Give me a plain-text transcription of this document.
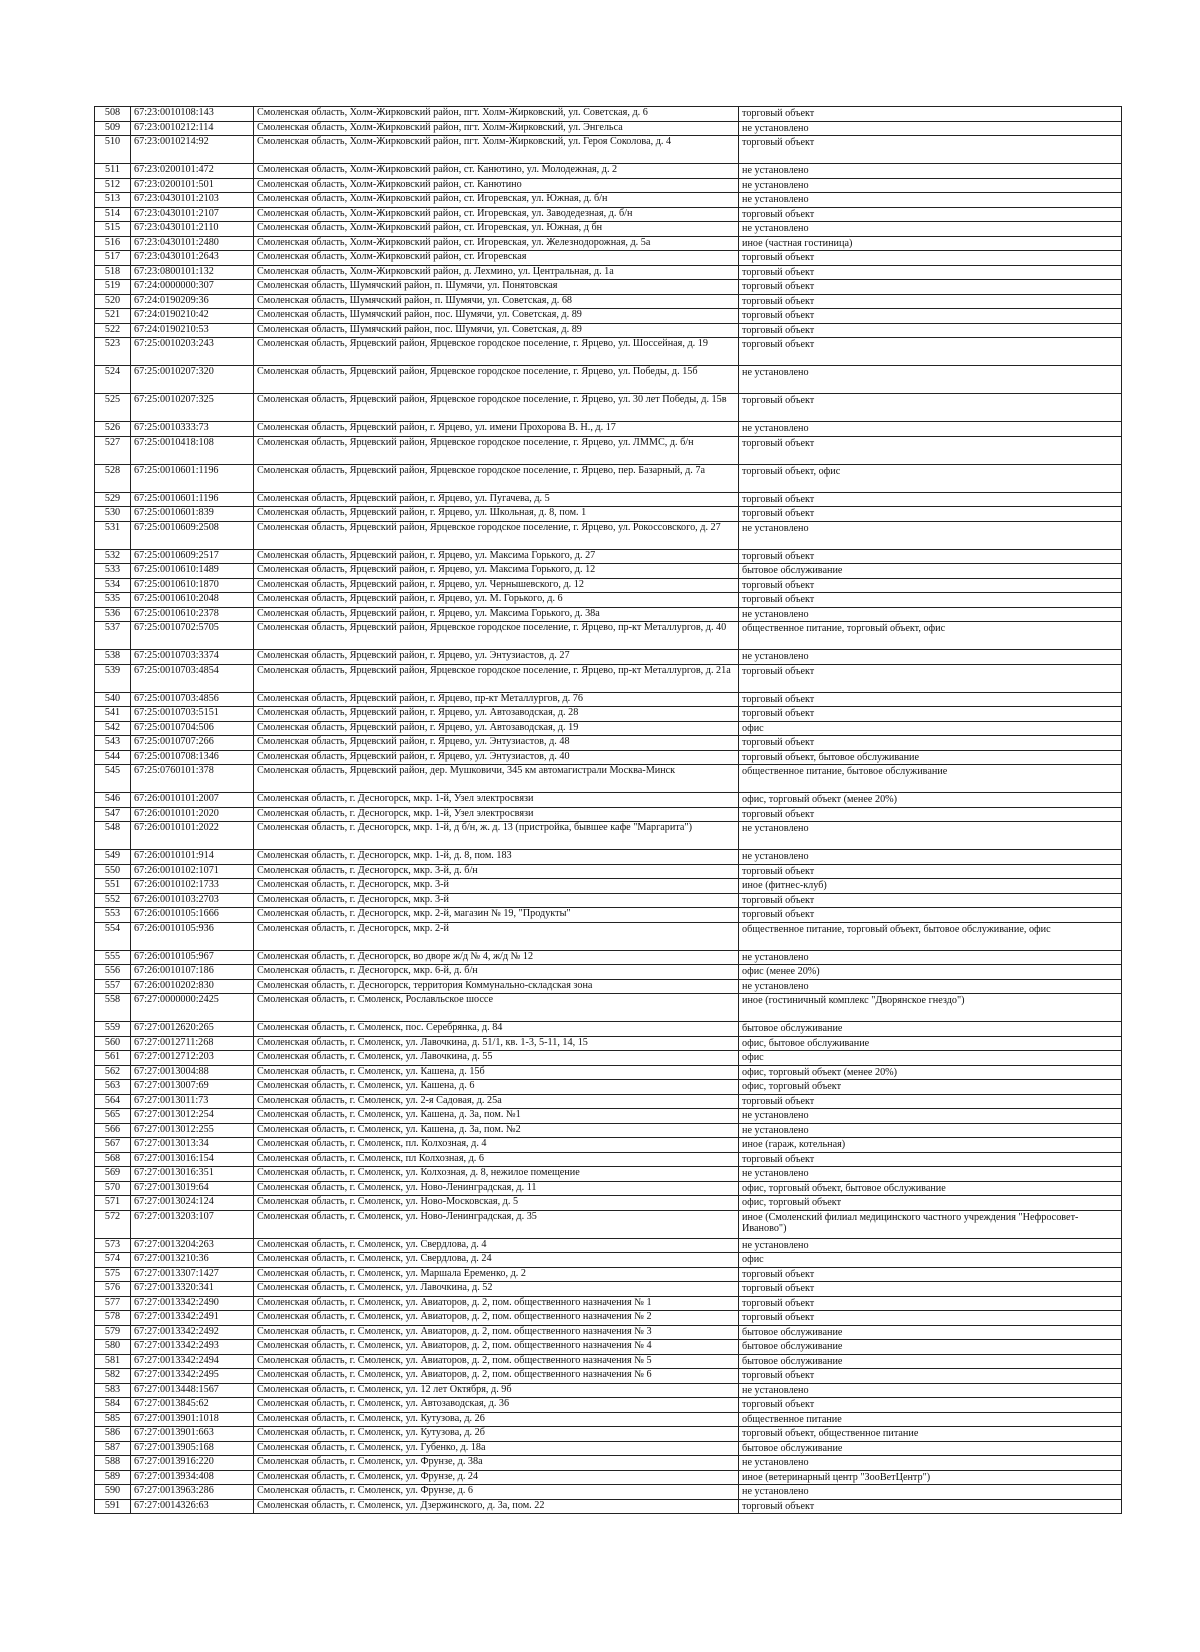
508	67:23:0010108:143	Смоленская область, Холм-Жирковский район, пгт. Холм-Жирковский, ул. Советская, д. 6	торговый объект

509	67:23:0010212:114	Смоленская область, Холм-Жирковский район, пгт. Холм-Жирковский, ул. Энгельса	не установлено

510	67:23:0010214:92	Смоленская область, Холм-Жирковский район, пгт. Холм-Жирковский, ул. Героя Соколова, д. 4	торговый объект

511	67:23:0200101:472	Смоленская область, Холм-Жирковский район, ст. Канютино, ул. Молодежная, д. 2	не установлено

512	67:23:0200101:501	Смоленская область, Холм-Жирковский район, ст. Канютино	не установлено

513	67:23:0430101:2103	Смоленская область, Холм-Жирковский район, ст. Игоревская, ул. Южная, д. б/н	не установлено

514	67:23:0430101:2107	Смоленская область, Холм-Жирковский район, ст. Игоревская, ул. Заводедезная, д. б/н	торговый объект

515	67:23:0430101:2110	Смоленская область, Холм-Жирковский район, ст. Игоревская, ул. Южная, д бн	не установлено

516	67:23:0430101:2480	Смоленская область, Холм-Жирковский район, ст. Игоревская, ул. Железнодорожная, д. 5а	иное (частная гостиница)

517	67:23:0430101:2643	Смоленская область, Холм-Жирковский район, ст. Игоревская	торговый объект

518	67:23:0800101:132	Смоленская область, Холм-Жирковский район, д. Лехмино, ул. Центральная, д. 1а	торговый объект

519	67:24:0000000:307	Смоленская область, Шумячский район, п. Шумячи, ул. Понятовская	торговый объект

520	67:24:0190209:36	Смоленская область, Шумячский район, п. Шумячи, ул. Советская, д. 68	торговый объект

521	67:24:0190210:42	Смоленская область, Шумячский район, пос. Шумячи, ул. Советская, д. 89	торговый объект

522	67:24:0190210:53	Смоленская область, Шумячский район, пос. Шумячи, ул. Советская, д. 89	торговый объект

523	67:25:0010203:243	Смоленская область, Ярцевский район, Ярцевское городское поселение, г. Ярцево, ул. Шоссейная, д. 19	торговый объект

524	67:25:0010207:320	Смоленская область, Ярцевский район, Ярцевское городское поселение, г. Ярцево, ул. Победы, д. 15б	не установлено

525	67:25:0010207:325	Смоленская область, Ярцевский район, Ярцевское городское поселение, г. Ярцево, ул. 30 лет Победы, д. 15в	торговый объект

526	67:25:0010333:73	Смоленская область, Ярцевский район, г. Ярцево, ул. имени Прохорова В. Н., д. 17	не установлено

527	67:25:0010418:108	Смоленская область, Ярцевский район, Ярцевское городское поселение, г. Ярцево, ул. ЛММС, д. б/н	торговый объект

528	67:25:0010601:1196	Смоленская область, Ярцевский район, Ярцевское городское поселение, г. Ярцево, пер. Базарный, д. 7а	торговый объект, офис

529	67:25:0010601:1196	Смоленская область, Ярцевский район, г. Ярцево, ул. Пугачева, д. 5	торговый объект

530	67:25:0010601:839	Смоленская область, Ярцевский район, г. Ярцево, ул. Школьная, д. 8, пом. 1	торговый объект

531	67:25:0010609:2508	Смоленская область, Ярцевский район, Ярцевское городское поселение, г. Ярцево, ул. Рокоссовского, д. 27	не установлено

532	67:25:0010609:2517	Смоленская область, Ярцевский район, г. Ярцево, ул. Максима Горького, д. 27	торговый объект

533	67:25:0010610:1489	Смоленская область, Ярцевский район, г. Ярцево, ул. Максима Горького, д. 12	бытовое обслуживание

534	67:25:0010610:1870	Смоленская область, Ярцевский район, г. Ярцево, ул. Чернышевского, д. 12	торговый объект

535	67:25:0010610:2048	Смоленская область, Ярцевский район, г. Ярцево, ул. М. Горького, д. 6	торговый объект

536	67:25:0010610:2378	Смоленская область, Ярцевский район, г. Ярцево, ул. Максима Горького, д. 38а	не установлено

537	67:25:0010702:5705	Смоленская область, Ярцевский район, Ярцевское городское поселение, г. Ярцево, пр-кт Металлургов, д. 40	общественное питание, торговый объект, офис

538	67:25:0010703:3374	Смоленская область, Ярцевский район, г. Ярцево, ул. Энтузиастов, д. 27	не установлено

539	67:25:0010703:4854	Смоленская область, Ярцевский район, Ярцевское городское поселение, г. Ярцево, пр-кт Металлургов, д. 21а	торговый объект

540	67:25:0010703:4856	Смоленская область, Ярцевский район, г. Ярцево, пр-кт Металлургов, д. 76	торговый объект

541	67:25:0010703:5151	Смоленская область, Ярцевский район, г. Ярцево, ул. Автозаводская, д. 28	торговый объект

542	67:25:0010704:506	Смоленская область, Ярцевский район, г. Ярцево, ул. Автозаводская, д. 19	офис

543	67:25:0010707:266	Смоленская область, Ярцевский район, г. Ярцево, ул. Энтузиастов, д. 48	торговый объект

544	67:25:0010708:1346	Смоленская область, Ярцевский район, г. Ярцево, ул. Энтузиастов, д. 40	торговый объект, бытовое обслуживание

545	67:25:0760101:378	Смоленская область, Ярцевский район, дер. Мушковичи, 345 км автомагистрали Москва-Минск	общественное питание, бытовое обслуживание

546	67:26:0010101:2007	Смоленская область, г. Десногорск, мкр. 1-й, Узел электросвязи	офис, торговый объект (менее 20%)

547	67:26:0010101:2020	Смоленская область, г. Десногорск, мкр. 1-й, Узел электросвязи	торговый объект

548	67:26:0010101:2022	Смоленская область, г. Десногорск, мкр. 1-й, д б/н, ж. д. 13 (пристройка, бывшее кафе "Маргарита")	не установлено

549	67:26:0010101:914	Смоленская область, г. Десногорск, мкр. 1-й, д. 8, пом. 183	не установлено

550	67:26:0010102:1071	Смоленская область, г. Десногорск, мкр. 3-й, д. б/н	торговый объект

551	67:26:0010102:1733	Смоленская область, г. Десногорск, мкр. 3-й	иное (фитнес-клуб)

552	67:26:0010103:2703	Смоленская область, г. Десногорск, мкр. 3-й	торговый объект

553	67:26:0010105:1666	Смоленская область, г. Десногорск, мкр. 2-й, магазин № 19, "Продукты"	торговый объект

554	67:26:0010105:936	Смоленская область, г. Десногорск, мкр. 2-й	общественное питание, торговый объект, бытовое обслуживание, офис

555	67:26:0010105:967	Смоленская область, г. Десногорск, во дворе ж/д № 4, ж/д № 12	не установлено

556	67:26:0010107:186	Смоленская область, г. Десногорск, мкр. 6-й, д. б/н	офис (менее 20%)

557	67:26:0010202:830	Смоленская область, г. Десногорск, территория Коммунально-складская зона	не установлено

558	67:27:0000000:2425	Смоленская область, г. Смоленск, Рославльское шоссе	иное (гостиничный комплекс "Дворянское гнездо")

559	67:27:0012620:265	Смоленская область, г. Смоленск, пос. Серебрянка, д. 84	бытовое обслуживание

560	67:27:0012711:268	Смоленская область, г. Смоленск, ул. Лавочкина, д. 51/1, кв. 1-3, 5-11, 14, 15	офис, бытовое обслуживание

561	67:27:0012712:203	Смоленская область, г. Смоленск, ул. Лавочкина, д. 55	офис

562	67:27:0013004:88	Смоленская область, г. Смоленск, ул. Кашена, д. 15б	офис, торговый объект (менее 20%)

563	67:27:0013007:69	Смоленская область, г. Смоленск, ул. Кашена, д. 6	офис, торговый объект

564	67:27:0013011:73	Смоленская область, г. Смоленск, ул. 2-я Садовая, д. 25а	торговый объект

565	67:27:0013012:254	Смоленская область, г. Смоленск, ул. Кашена, д. 3а, пом. №1	не установлено

566	67:27:0013012:255	Смоленская область, г. Смоленск, ул. Кашена, д. 3а, пом. №2	не установлено

567	67:27:0013013:34	Смоленская область, г. Смоленск, пл. Колхозная, д. 4	иное (гараж, котельная)

568	67:27:0013016:154	Смоленская область, г. Смоленск, пл Колхозная, д. 6	торговый объект

569	67:27:0013016:351	Смоленская область, г. Смоленск, ул. Колхозная, д. 8, нежилое помещение	не установлено

570	67:27:0013019:64	Смоленская область, г. Смоленск, ул. Ново-Ленинградская, д. 11	офис, торговый объект, бытовое обслуживание

571	67:27:0013024:124	Смоленская область, г. Смоленск, ул. Ново-Московская, д. 5	офис, торговый объект

572	67:27:0013203:107	Смоленская область, г. Смоленск, ул. Ново-Ленинградская, д. 35	иное (Смоленский филиал медицинского частного учреждения "Нефросовет-Иваново")

573	67:27:0013204:263	Смоленская область, г. Смоленск, ул. Свердлова, д. 4	не установлено

574	67:27:0013210:36	Смоленская область, г. Смоленск, ул. Свердлова, д. 24	офис

575	67:27:0013307:1427	Смоленская область, г. Смоленск, ул. Маршала Еременко, д. 2	торговый объект

576	67:27:0013320:341	Смоленская область, г. Смоленск, ул. Лавочкина, д. 52	торговый объект

577	67:27:0013342:2490	Смоленская область, г. Смоленск, ул. Авиаторов, д. 2, пом. общественного назначения № 1	торговый объект

578	67:27:0013342:2491	Смоленская область, г. Смоленск, ул. Авиаторов, д. 2, пом. общественного назначения № 2	торговый объект

579	67:27:0013342:2492	Смоленская область, г. Смоленск, ул. Авиаторов, д. 2, пом. общественного назначения № 3	бытовое обслуживание

580	67:27:0013342:2493	Смоленская область, г. Смоленск, ул. Авиаторов, д. 2, пом. общественного назначения № 4	бытовое обслуживание

581	67:27:0013342:2494	Смоленская область, г. Смоленск, ул. Авиаторов, д. 2, пом. общественного назначения № 5	бытовое обслуживание

582	67:27:0013342:2495	Смоленская область, г. Смоленск, ул. Авиаторов, д. 2, пом. общественного назначения № 6	торговый объект

583	67:27:0013448:1567	Смоленская область, г. Смоленск, ул. 12 лет Октября, д. 9б	не установлено

584	67:27:0013845:62	Смоленская область, г. Смоленск, ул. Автозаводская, д. 36	торговый объект

585	67:27:0013901:1018	Смоленская область, г. Смоленск, ул. Кутузова, д. 26	общественное питание

586	67:27:0013901:663	Смоленская область, г. Смоленск, ул. Кутузова, д. 2б	торговый объект, общественное питание

587	67:27:0013905:168	Смоленская область, г. Смоленск, ул. Губенко, д. 18а	бытовое обслуживание

588	67:27:0013916:220	Смоленская область, г. Смоленск, ул. Фрунзе, д. 38а	не установлено

589	67:27:0013934:408	Смоленская область, г. Смоленск, ул. Фрунзе, д. 24	иное (ветеринарный центр "ЗооВетЦентр")

590	67:27:0013963:286	Смоленская область, г. Смоленск, ул. Фрунзе, д. 6	не установлено

591	67:27:0014326:63	Смоленская область, г. Смоленск, ул. Дзержинского, д. 3а, пом. 22	торговый объект
